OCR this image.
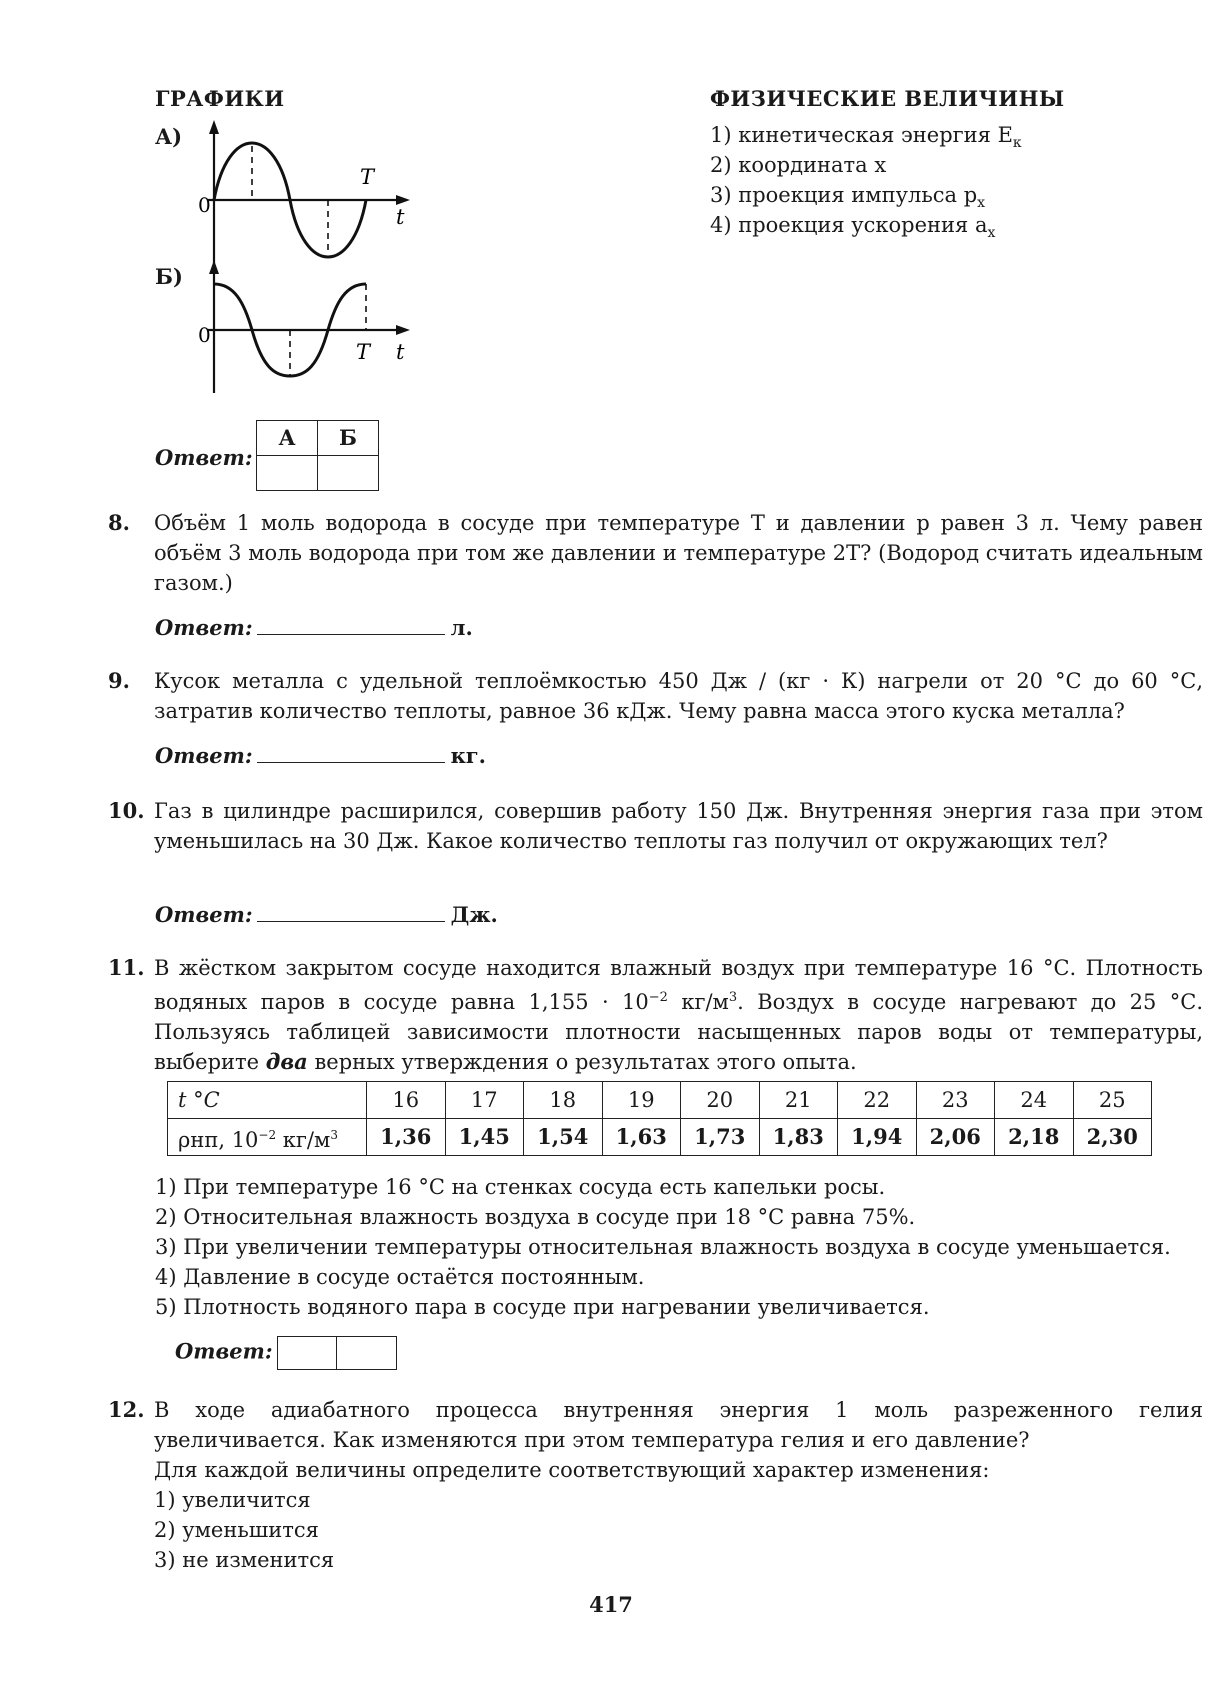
ГРАФИКИ	ФИЗИЧЕСКИЕ ВЕЛИЧИНЫ
А)
Б)
0
T
t
0
T t
1) кинетическая энергия $E_к$
2) координата x
3) проекция импульса $p_x$
4) проекция ускорения $a_x$
Ответ:
А	Б

8. Объём 1 моль водорода в сосуде при температуре T и давлении p равен 3 л. Чему равен объём 3 моль водорода при том же давлении и температуре 2T? (Водород считать идеальным газом.)
Ответ:	л.
9. Кусок металла с удельной теплоёмкостью 450 Дж / (кг · К) нагрели от 20 °С до 60 °С, затратив количество теплоты, равное 36 кДж. Чему равна масса этого куска металла?
Ответ:	кг.
10. Газ в цилиндре расширился, совершив работу 150 Дж. Внутренняя энергия газа при этом уменьшилась на 30 Дж. Какое количество теплоты газ получил от окружающих тел?
Ответ:	Дж.
11. В жёстком закрытом сосуде находится влажный воздух при температуре 16 °С. Плотность водяных паров в сосуде равна $1,155 \cdot 10^{-2}$ $кг/м^3$. Воздух в сосуде нагревают до 25 °С. Пользуясь таблицей зависимости плотности насыщенных паров воды от температуры, выберите два верных утверждения о результатах этого опыта.
t °C	16	17	18	19	20	21	22	23	24	25
ρнп, $10^{-2}$ $кг/м^3$	1,36	1,45	1,54	1,63	1,73	1,83	1,94	2,06	2,18	2,30
1) При температуре 16 °С на стенках сосуда есть капельки росы.
2) Относительная влажность воздуха в сосуде при 18 °С равна 75%.
3) При увеличении температуры относительная влажность воздуха в сосуде уменьшается.
4) Давление в сосуде остаётся постоянным.
5) Плотность водяного пара в сосуде при нагревании увеличивается.
Ответ:
12. В ходе адиабатного процесса внутренняя энергия 1 моль разреженного гелия увеличивается. Как изменяются при этом температура гелия и его давление?
Для каждой величины определите соответствующий характер изменения:
1) увеличится
2) уменьшится
3) не изменится
417
